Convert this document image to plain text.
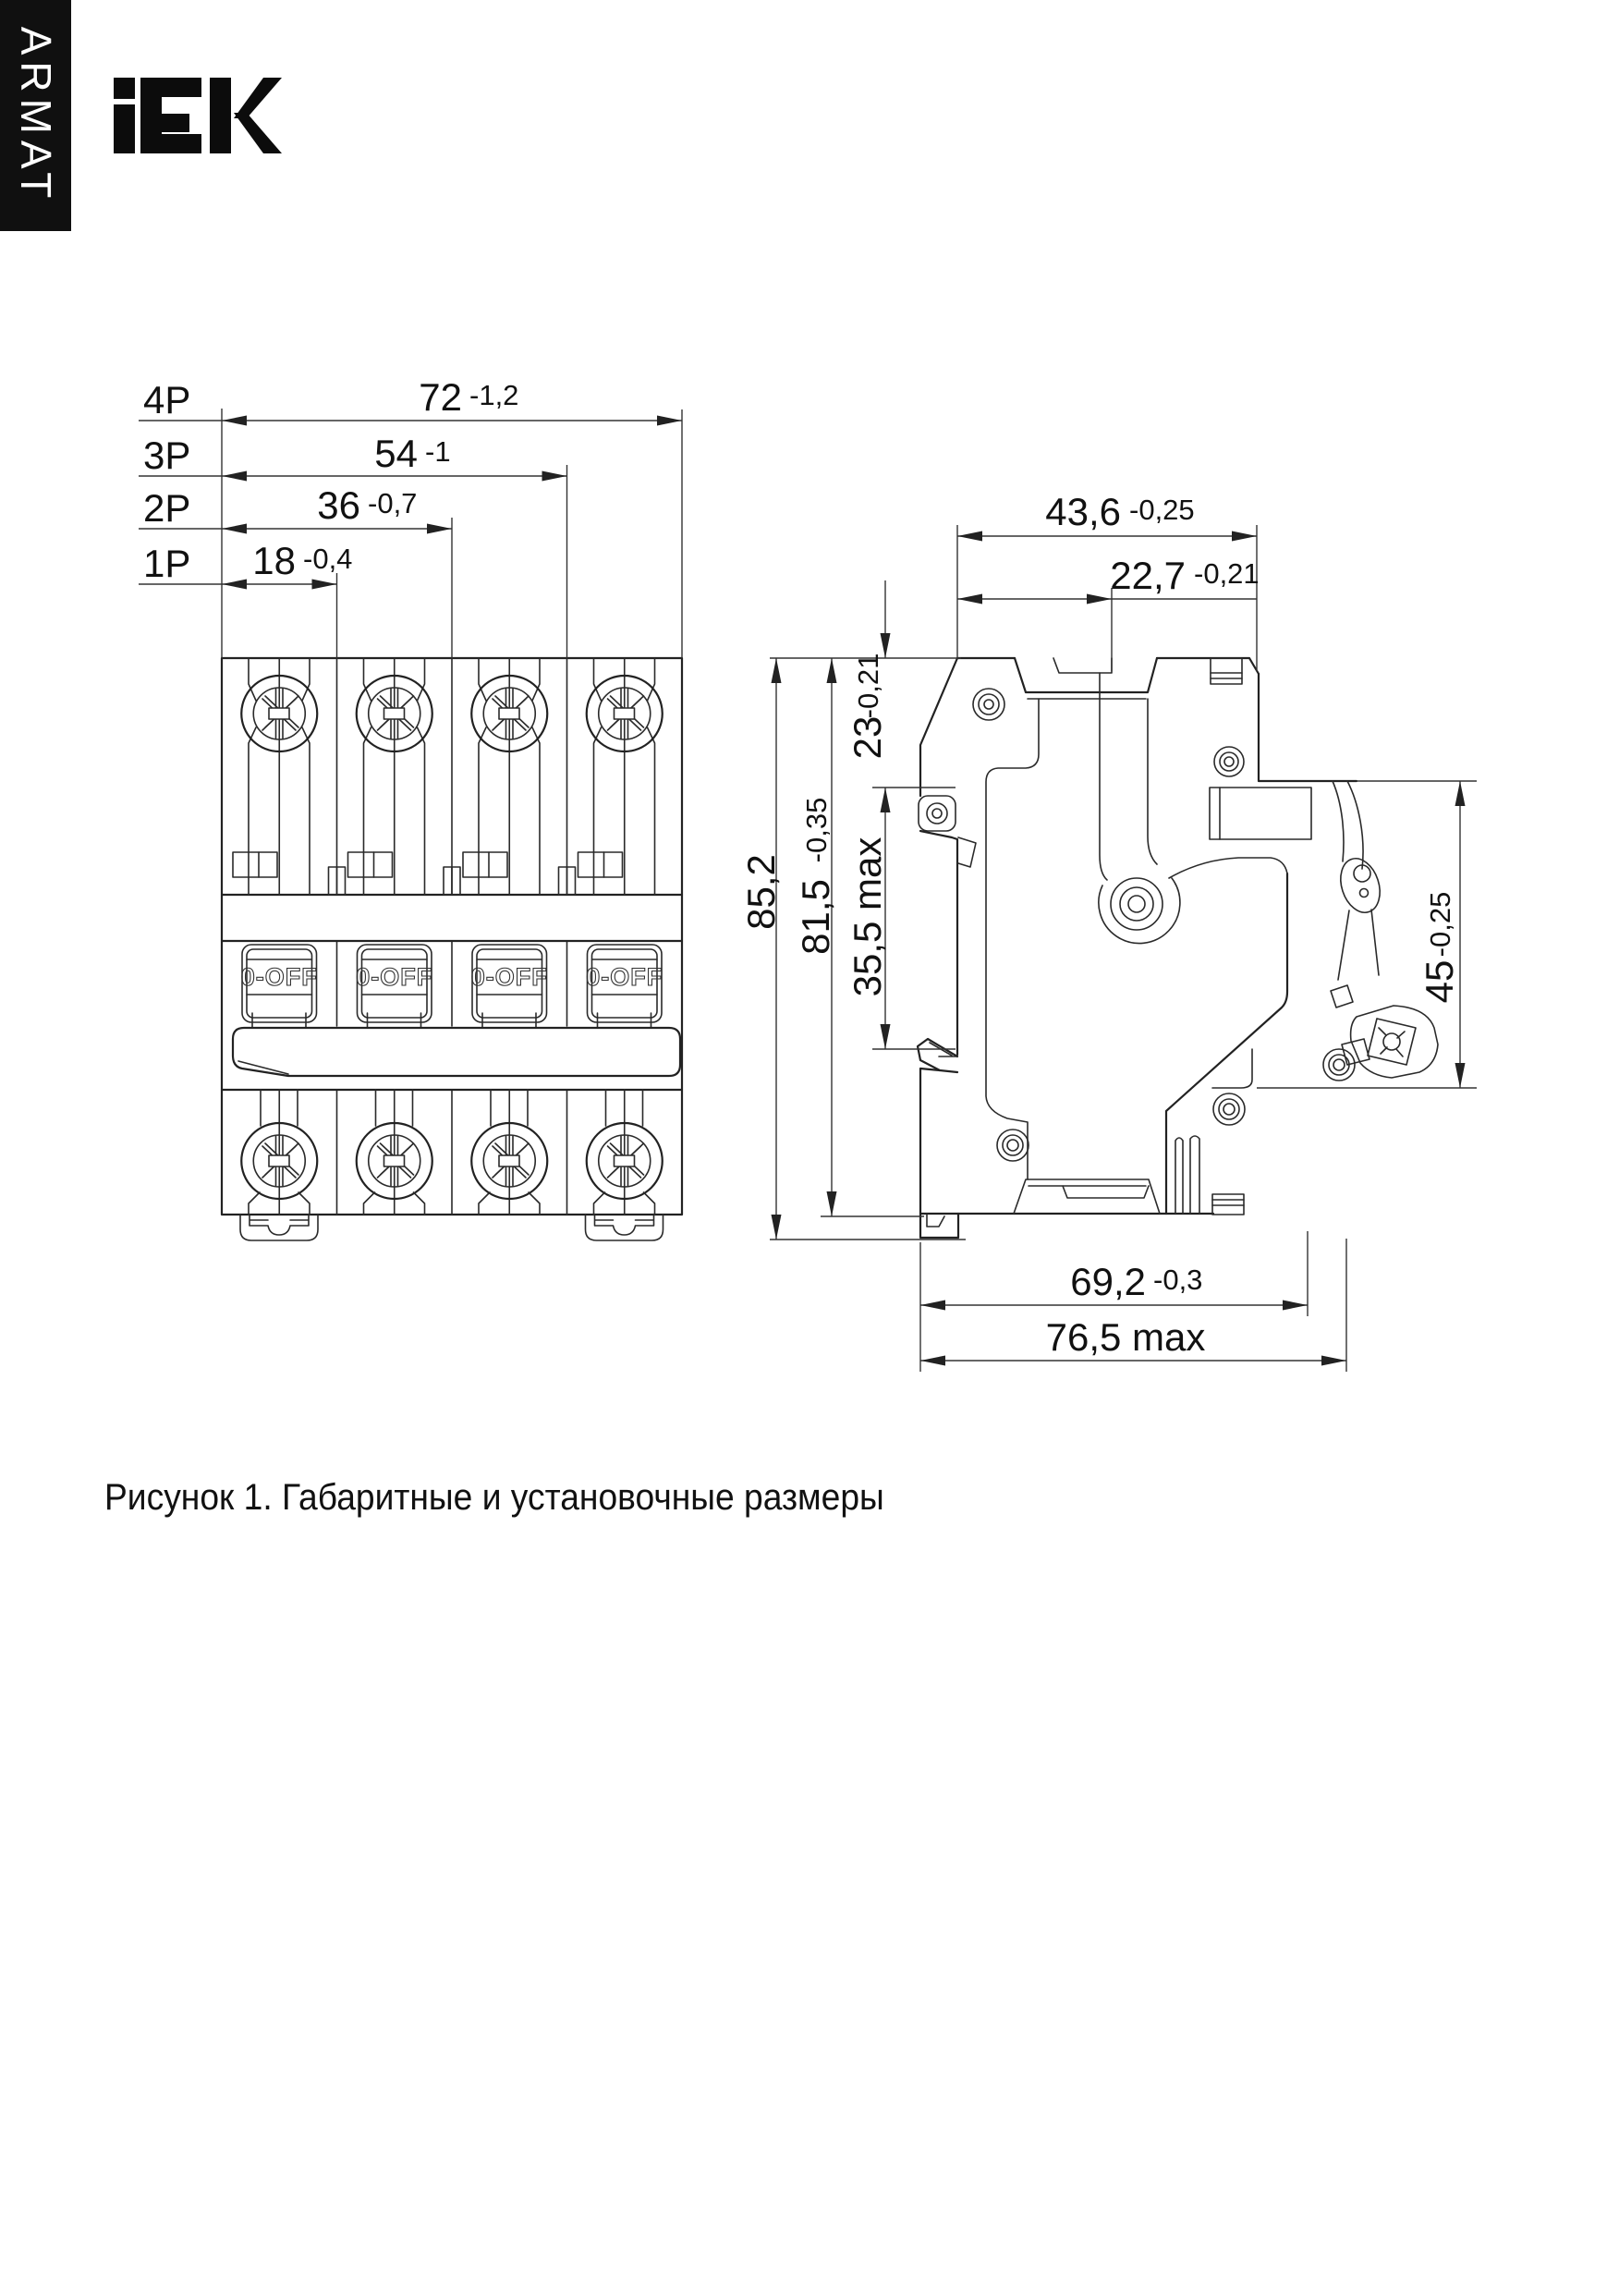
ARMAT
0-OFF 0-OFF 0-OFF 0-OFF
4P
3P
2P
1P
72 -1,2
54 -1
36 -0,7
18 -0,4
43,6 -0,25
22,7 -0,21
85,2 81,5
-0,35
23
-0,21
35,5 max	45
-0,25
69,2 -0,3
76,5 max
Рисунок 1. Габаритные и установочные размеры
